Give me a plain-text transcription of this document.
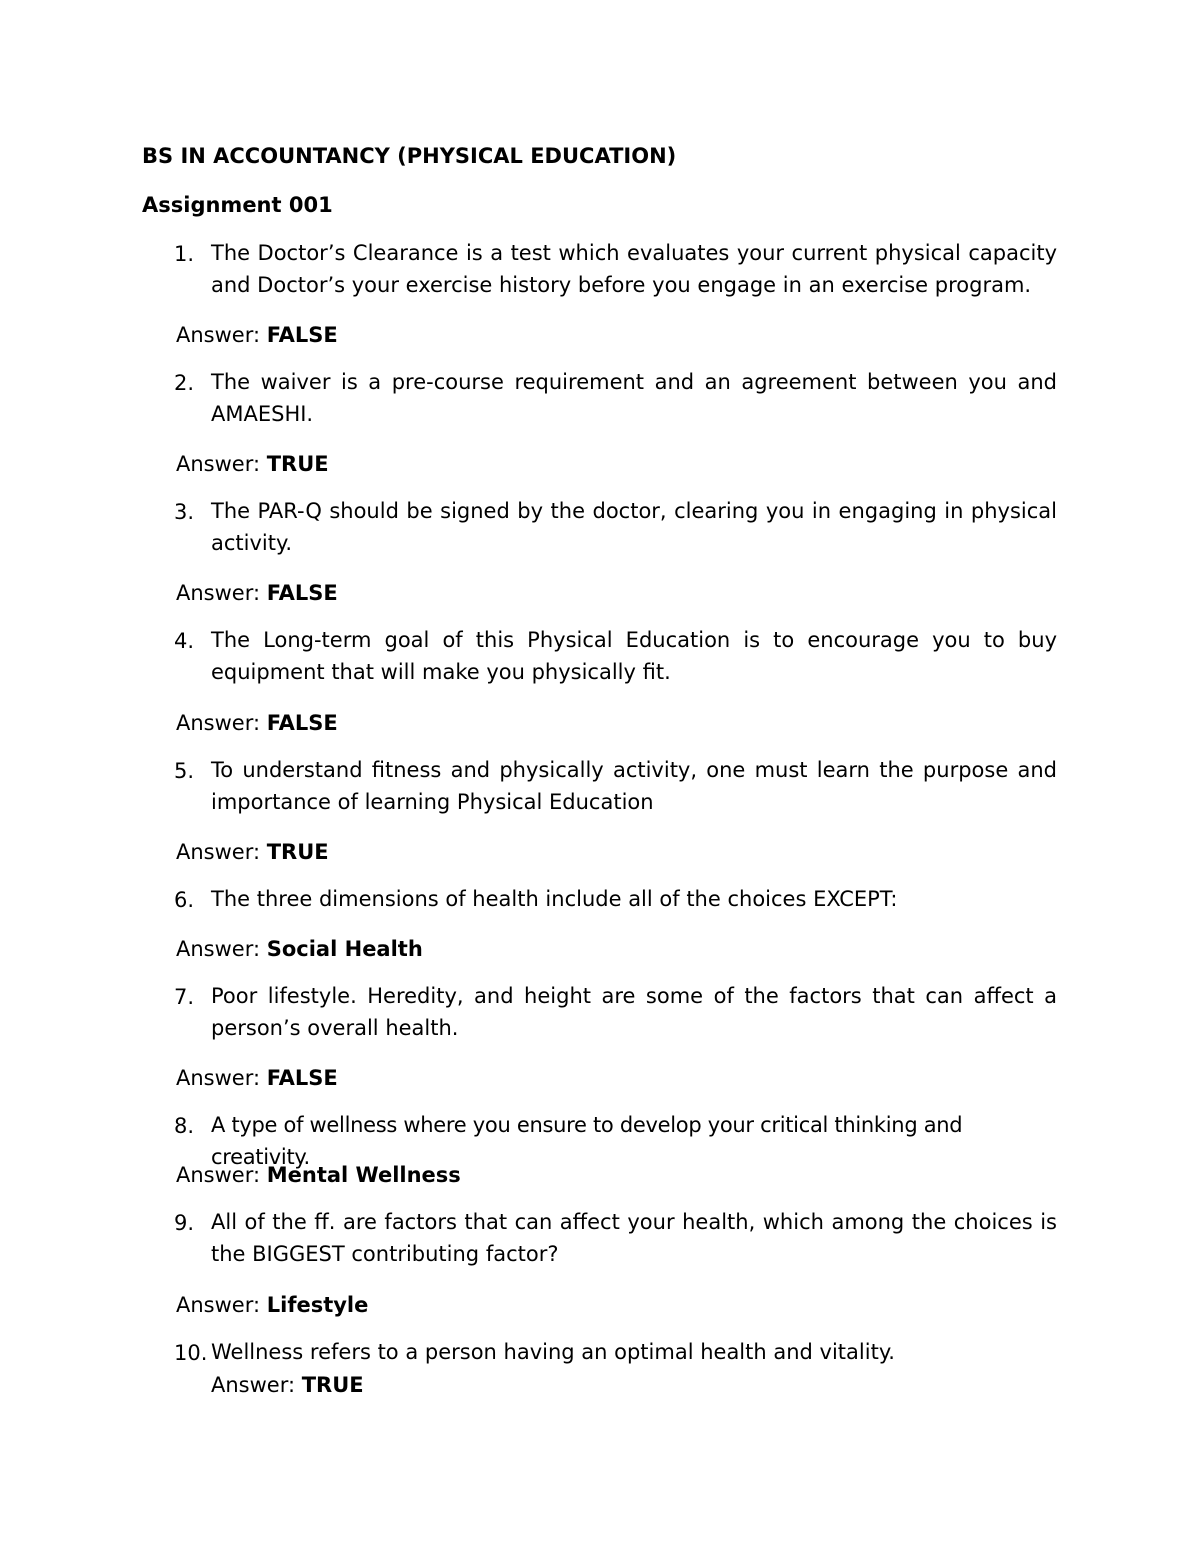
BS IN ACCOUNTANCY (PHYSICAL EDUCATION)
Assignment 001
1. The Doctor’s Clearance is a test which evaluates your current physical capacity and Doctor’s your exercise history before you engage in an exercise program.
Answer: FALSE
2. The waiver is a pre-course requirement and an agreement between you and AMAESHI.
Answer: TRUE
3. The PAR-Q should be signed by the doctor, clearing you in engaging in physical activity.
Answer: FALSE
4. The Long-term goal of this Physical Education is to encourage you to buy equipment that will make you physically fit.
Answer: FALSE
5. To understand fitness and physically activity, one must learn the purpose and importance of learning Physical Education
Answer: TRUE
6. The three dimensions of health include all of the choices EXCEPT:
Answer: Social Health
7. Poor lifestyle. Heredity, and height are some of the factors that can affect a person’s overall health.
Answer: FALSE
8. A type of wellness where you ensure to develop your critical thinking and creativity.
Answer: Mental Wellness
9. All of the ff. are factors that can affect your health, which among the choices is the BIGGEST contributing factor?
Answer: Lifestyle
10. Wellness refers to a person having an optimal health and vitality.
Answer: TRUE
